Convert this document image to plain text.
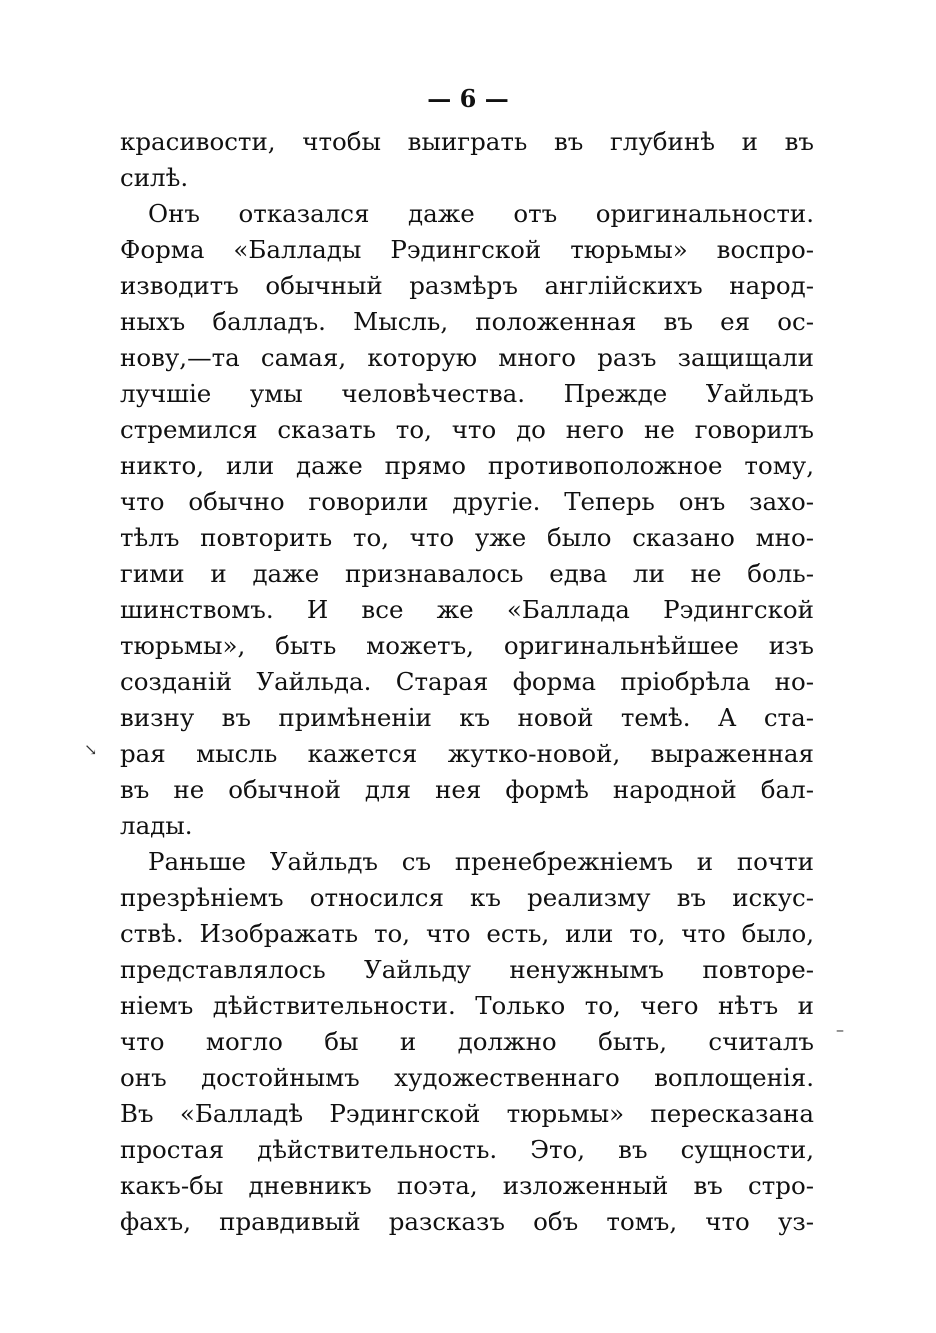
— 6 —
красивости, чтобы выиграть въ глубинѣ и въ
силѣ.
Онъ отказался даже отъ оригинальности.
Форма «Баллады Рэдингской тюрьмы» воспро-
изводитъ обычный размѣръ англійскихъ народ-
ныхъ балладъ. Мысль, положенная въ ея ос-
нову,—та самая, которую много разъ защищали
лучшіе умы человѣчества. Прежде Уайльдъ
стремился сказать то, что до него не говорилъ
никто, или даже прямо противоположное тому,
что обычно говорили другіе. Теперь онъ захо-
тѣлъ повторить то, что уже было сказано мно-
гими и даже признавалось едва ли не боль-
шинствомъ. И все же «Баллада Рэдингской
тюрьмы», быть можетъ, оригинальнѣйшее изъ
созданій Уайльда. Старая форма пріобрѣла но-
визну въ примѣненіи къ новой темѣ. А ста-
рая мысль кажется жутко-новой, выраженная
въ не обычной для нея формѣ народной бал-
лады.
Раньше Уайльдъ съ пренебрежніемъ и почти
презрѣніемъ относился къ реализму въ искус-
ствѣ. Изображать то, что есть, или то, что было,
представлялось Уайльду ненужнымъ повторе-
ніемъ дѣйствительности. Только то, чего нѣтъ и
что могло бы и должно быть, считалъ
онъ достойнымъ художественнаго воплощенія.
Въ «Балладѣ Рэдингской тюрьмы» пересказана
простая дѣйствительность. Это, въ сущности,
какъ-бы дневникъ поэта, изложенный въ стро-
фахъ, правдивый разсказъ объ томъ, что уз-
↘
–
